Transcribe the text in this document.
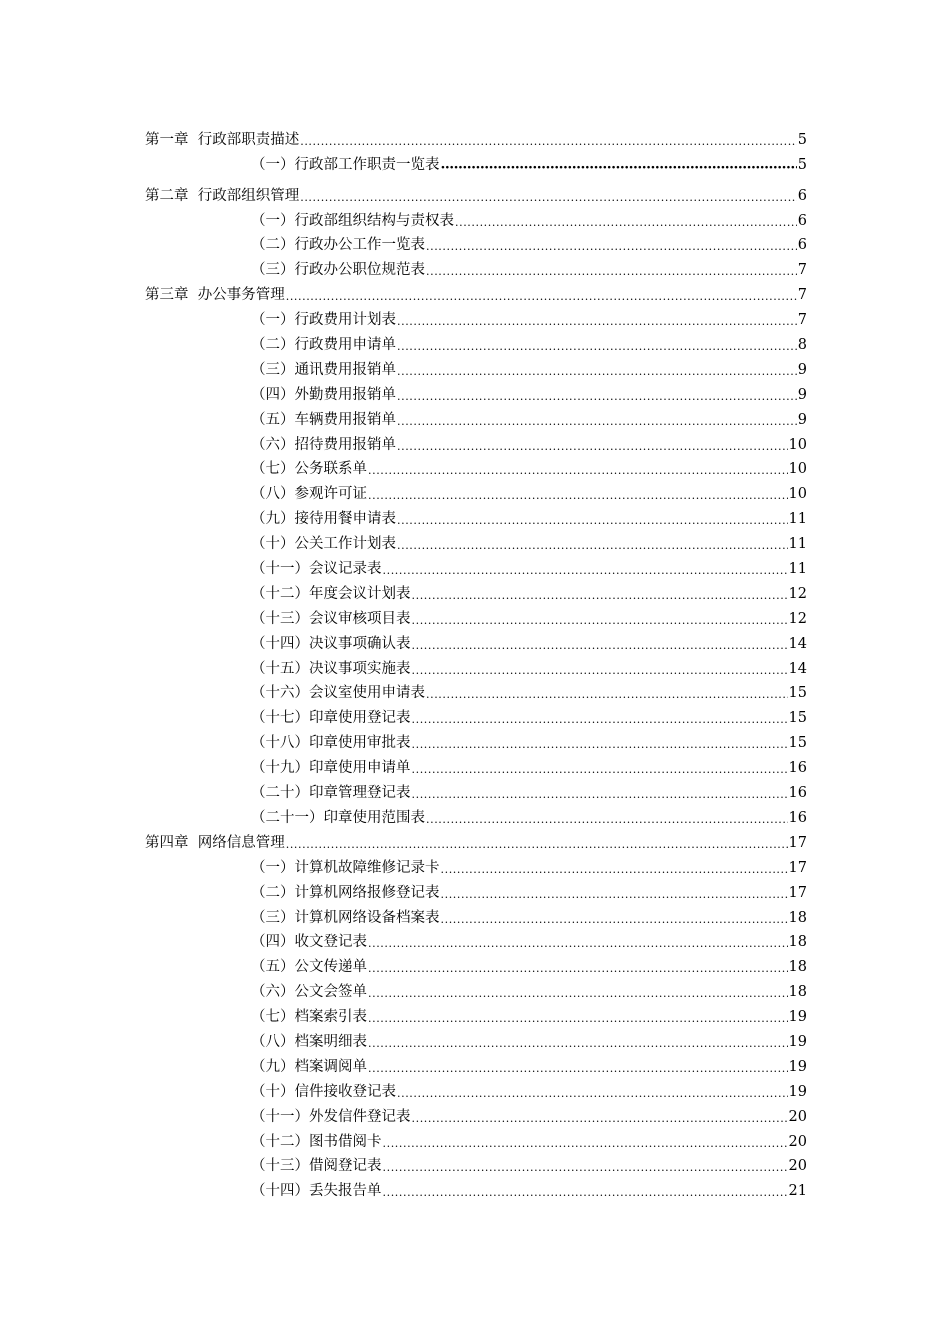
第一章  行政部职责描述 .....	5
（一）行政部工作职责一览表 ·····	5
第二章  行政部组织管理 .....	6
（一）行政部组织结构与责权表 .....	6
（二）行政办公工作一览表 .....	6
（三）行政办公职位规范表 .....	7
第三章  办公事务管理 .....	7
（一）行政费用计划表 .....	7
（二）行政费用申请单 .....	8
（三）通讯费用报销单 .....	9
（四）外勤费用报销单 .....	9
（五）车辆费用报销单 .....	9
（六）招待费用报销单 .....	10
（七）公务联系单 .....	10
（八）参观许可证 .....	10
（九）接待用餐申请表 .....	11
（十）公关工作计划表 .....	11
（十一）会议记录表 .....	11
（十二）年度会议计划表 .....	12
（十三）会议审核项目表 .....	12
（十四）决议事项确认表 .....	14
（十五）决议事项实施表 .....	14
（十六）会议室使用申请表 .....	15
（十七）印章使用登记表 .....	15
（十八）印章使用审批表 .....	15
（十九）印章使用申请单 .....	16
（二十）印章管理登记表 .....	16
（二十一）印章使用范围表 .....	16
第四章  网络信息管理 .....	17
（一）计算机故障维修记录卡 .....	17
（二）计算机网络报修登记表 .....	17
（三）计算机网络设备档案表 .....	18
（四）收文登记表 .....	18
（五）公文传递单 .....	18
（六）公文会签单 .....	18
（七）档案索引表 .....	19
（八）档案明细表 .....	19
（九）档案调阅单 .....	19
（十）信件接收登记表 .....	19
（十一）外发信件登记表 .....	20
（十二）图书借阅卡 .....	20
（十三）借阅登记表 .....	20
（十四）丢失报告单 .....	21
